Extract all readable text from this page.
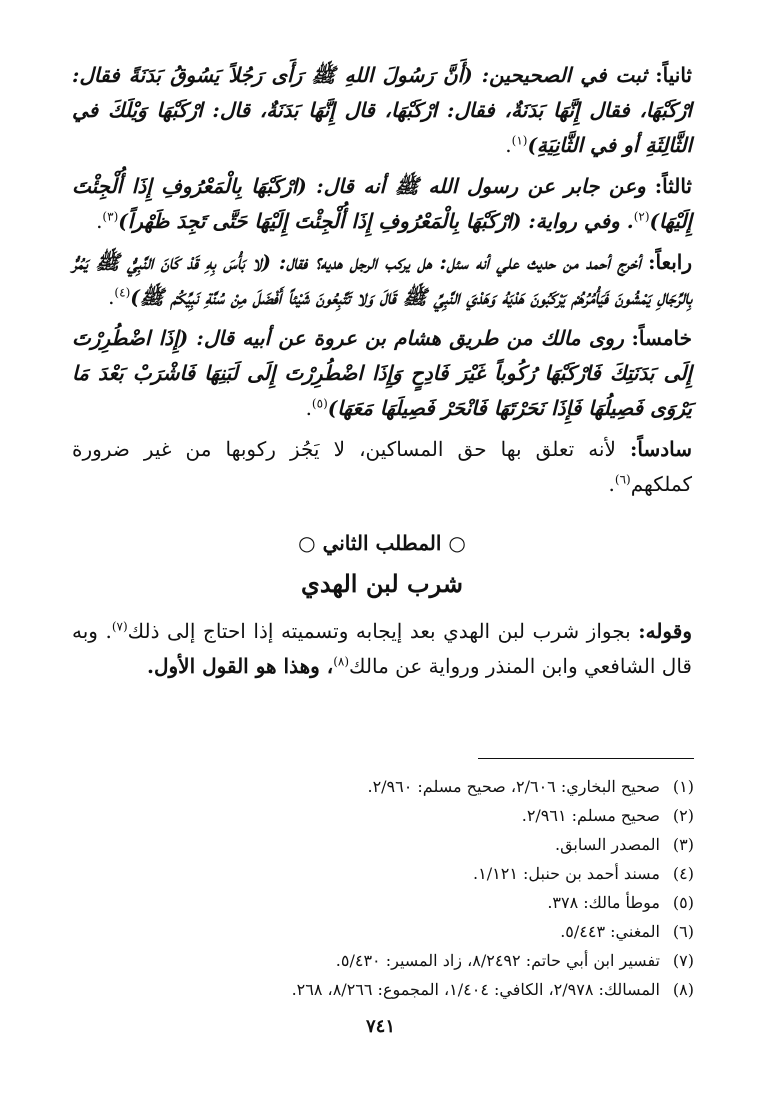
ثانياً: ثبت في الصحيحين: (أَنَّ رَسُولَ اللهِ ﷺ رَأَى رَجُلاً يَسُوقُ بَدَنَةً فقال: ارْكَبْهَا، فقال إِنَّهَا بَدَنَةٌ، فقال: ارْكَبْهَا، قال إِنَّهَا بَدَنَةٌ، قال: ارْكَبْهَا وَيْلَكَ في الثَّالِثَةِ أو في الثَّانِيَةِ)$^{(١)}$.

ثالثاً: وعن جابر عن رسول الله ﷺ أنه قال: (ارْكَبْهَا بِالْمَعْرُوفِ إِذَا أُلْجِئْتَ إِلَيْهَا)$^{(٢)}$. وفي رواية: (ارْكَبْهَا بِالْمَعْرُوفِ إِذَا أُلْجِئْتَ إِلَيْهَا حَتَّى تَجِدَ ظَهْراً)$^{(٣)}$.

رابعاً: أخرج أحمد من حديث علي أنه سئل: هل يركب الرجل هديه؟ فقال: (لا بَأْسَ بِهِ قَدْ كَانَ النَّبِيُّ ﷺ يَمُرُّ بِالرِّجَالِ يَمْشُونَ فَيَأْمُرُهُمْ يَرْكَبُونَ هَدْيَهُ وَهَدْيَ النَّبِيِّ ﷺ قَالَ وَلا تَتَّبِعُونَ شَيْئاً أَفْضَلَ مِنْ سُنَّةِ نَبِيِّكُمْ ﷺ)$^{(٤)}$.

خامساً: روى مالك من طريق هشام بن عروة عن أبيه قال: (إِذَا اضْطُرِرْتَ إِلَى بَدَنَتِكَ فَارْكَبْهَا رُكُوباً غَيْرَ فَادِحٍ وَإِذَا اضْطُرِرْتَ إِلَى لَبَنِهَا فَاشْرَبْ بَعْدَ مَا يَرْوَى فَصِيلُهَا فَإِذَا نَحَرْتَهَا فَانْحَرْ فَصِيلَهَا مَعَهَا)$^{(٥)}$.

سادساً: لأنه تعلق بها حق المساكين، لا يَجُز ركوبها من غير ضرورة كملكهم$^{(٦)}$.

○ المطلب الثاني ○
شرب لبن الهدي

وقوله: بجواز شرب لبن الهدي بعد إيجابه وتسميته إذا احتاج إلى ذلك$^{(٧)}$. وبه قال الشافعي وابن المنذر ورواية عن مالك$^{(٨)}$، وهذا هو القول الأول.

(١)صحيح البخاري: ٢/٦٠٦، صحيح مسلم: ٢/٩٦٠.
(٢)صحيح مسلم: ٢/٩٦١.
(٣)المصدر السابق.
(٤)مسند أحمد بن حنبل: ١/١٢١.
(٥)موطأ مالك: ٣٧٨.
(٦)المغني: ٥/٤٤٣.
(٧)تفسير ابن أبي حاتم: ٨/٢٤٩٢، زاد المسير: ٥/٤٣٠.
(٨)المسالك: ٢/٩٧٨، الكافي: ١/٤٠٤، المجموع: ٨/٢٦٦، ٢٦٨.
٧٤١
